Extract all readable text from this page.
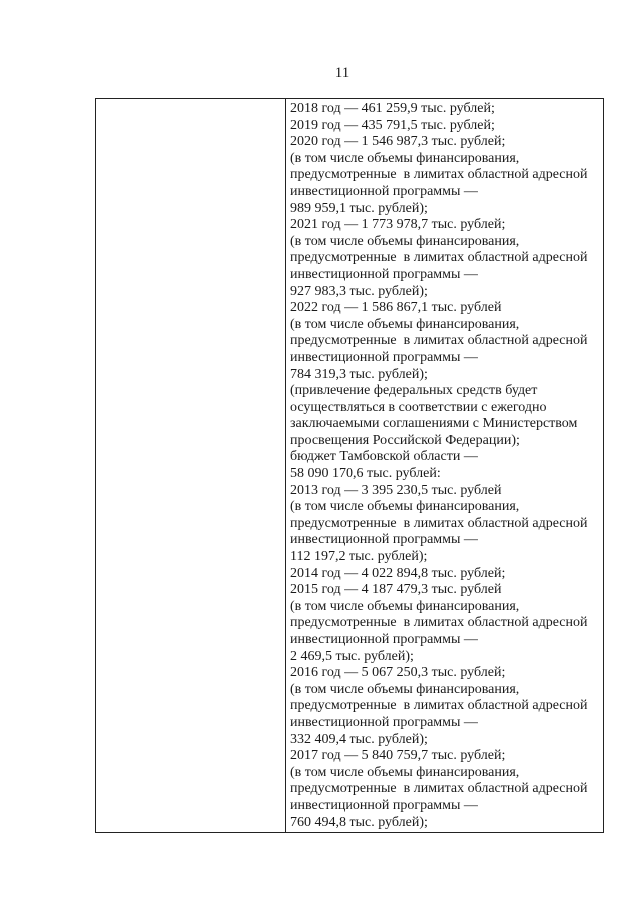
11
2018 год — 461 259,9 тыс. рублей;
2019 год — 435 791,5 тыс. рублей;
2020 год — 1 546 987,3 тыс. рублей;
(в том числе объемы финансирования,
предусмотренные  в лимитах областной адресной
инвестиционной программы —
989 959,1 тыс. рублей);
2021 год — 1 773 978,7 тыс. рублей;
(в том числе объемы финансирования,
предусмотренные  в лимитах областной адресной
инвестиционной программы —
927 983,3 тыс. рублей);
2022 год — 1 586 867,1 тыс. рублей
(в том числе объемы финансирования,
предусмотренные  в лимитах областной адресной
инвестиционной программы —
784 319,3 тыс. рублей);
(привлечение федеральных средств будет
осуществляться в соответствии с ежегодно
заключаемыми соглашениями с Министерством
просвещения Российской Федерации);
бюджет Тамбовской области —
58 090 170,6 тыс. рублей:
2013 год — 3 395 230,5 тыс. рублей
(в том числе объемы финансирования,
предусмотренные  в лимитах областной адресной
инвестиционной программы —
112 197,2 тыс. рублей);
2014 год — 4 022 894,8 тыс. рублей;
2015 год — 4 187 479,3 тыс. рублей
(в том числе объемы финансирования,
предусмотренные  в лимитах областной адресной
инвестиционной программы —
2 469,5 тыс. рублей);
2016 год — 5 067 250,3 тыс. рублей;
(в том числе объемы финансирования,
предусмотренные  в лимитах областной адресной
инвестиционной программы —
332 409,4 тыс. рублей);
2017 год — 5 840 759,7 тыс. рублей;
(в том числе объемы финансирования,
предусмотренные  в лимитах областной адресной
инвестиционной программы —
760 494,8 тыс. рублей);
